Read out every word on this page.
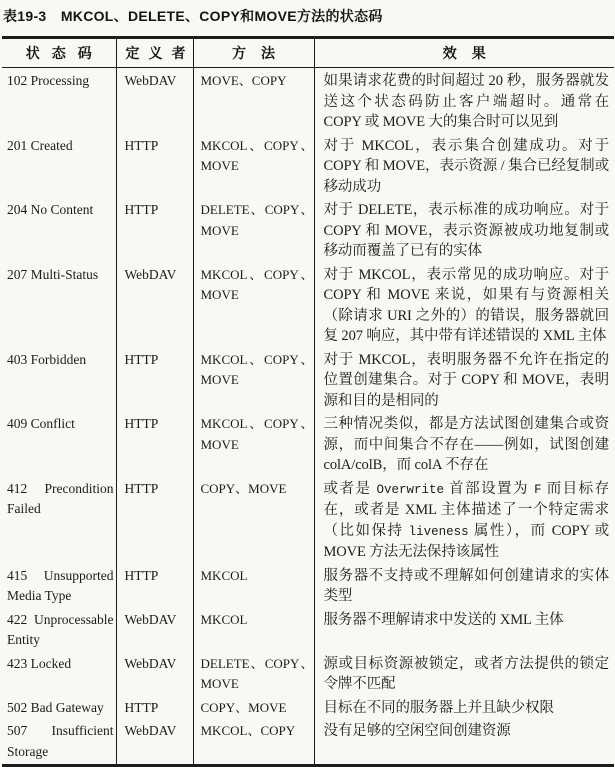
表19-3　MKCOL、DELETE、COPY和MOVE方法的状态码
状态码	定义者	方法	效果
102 Processing	WebDAV	MOVE、COPY	如果请求花费的时间超过 20 秒，服务器就发送这个状态码防止客户端超时。通常在 COPY 或 MOVE 大的集合时可以见到
201 Created	HTTP	MKCOL、COPY、MOVE	对于 MKCOL，表示集合创建成功。对于 COPY 和 MOVE，表示资源 / 集合已经复制或移动成功
204 No Content	HTTP	DELETE、COPY、MOVE	对于 DELETE，表示标准的成功响应。对于 COPY 和 MOVE，表示资源被成功地复制或移动而覆盖了已有的实体
207 Multi-Status	WebDAV	MKCOL、COPY、MOVE	对于 MKCOL，表示常见的成功响应。对于 COPY 和 MOVE 来说，如果有与资源相关（除请求 URI 之外的）的错误，服务器就回复 207 响应，其中带有详述错误的 XML 主体
403 Forbidden	HTTP	MKCOL、COPY、MOVE	对于 MKCOL，表明服务器不允许在指定的位置创建集合。对于 COPY 和 MOVE，表明源和目的是相同的
409 Conflict	HTTP	MKCOL、COPY、MOVE	三种情况类似，都是方法试图创建集合或资源，而中间集合不存在——例如，试图创建 colA/colB，而 colA 不存在
412 Precondition Failed	HTTP	COPY、MOVE	或者是 Overwrite 首部设置为 F 而目标存在，或者是 XML 主体描述了一个特定需求（比如保持 liveness 属性），而 COPY 或 MOVE 方法无法保持该属性
415 Unsupported Media Type	HTTP	MKCOL	服务器不支持或不理解如何创建请求的实体类型
422 Unprocessable Entity	WebDAV	MKCOL	服务器不理解请求中发送的 XML 主体
423 Locked	WebDAV	DELETE、COPY、MOVE	源或目标资源被锁定，或者方法提供的锁定令牌不匹配
502 Bad Gateway	HTTP	COPY、MOVE	目标在不同的服务器上并且缺少权限
507 Insufficient Storage	WebDAV	MKCOL、COPY	没有足够的空闲空间创建资源
